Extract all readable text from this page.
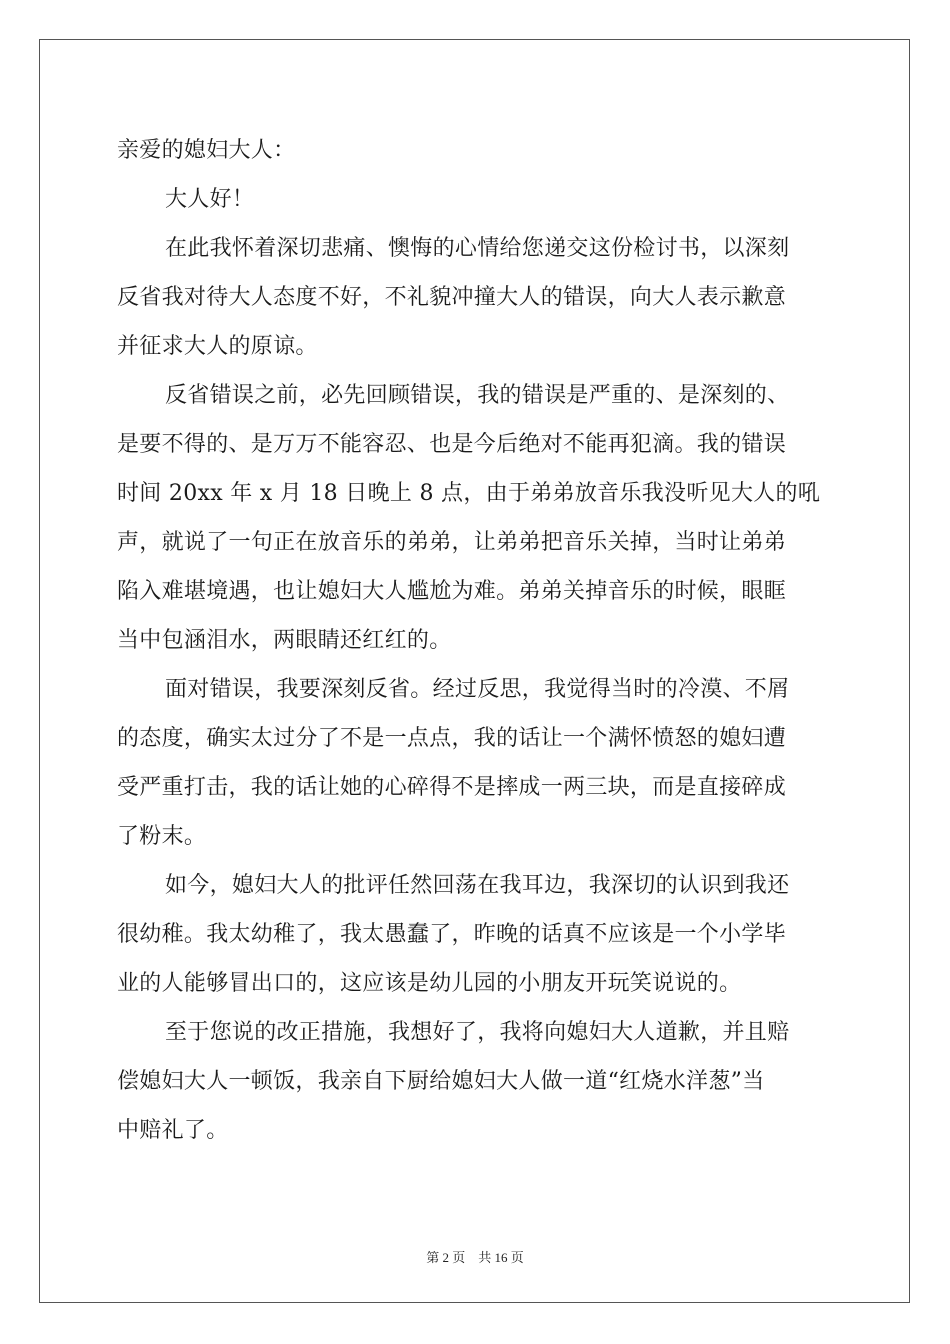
亲爱的媳妇大人：
大人好！
在此我怀着深切悲痛、懊悔的心情给您递交这份检讨书，以深刻
反省我对待大人态度不好，不礼貌冲撞大人的错误，向大人表示歉意
并征求大人的原谅。
反省错误之前，必先回顾错误，我的错误是严重的、是深刻的、
是要不得的、是万万不能容忍、也是今后绝对不能再犯滴。我的错误
时间 20xx 年 x 月 18 日晚上 8 点，由于弟弟放音乐我没听见大人的吼
声，就说了一句正在放音乐的弟弟，让弟弟把音乐关掉，当时让弟弟
陷入难堪境遇，也让媳妇大人尴尬为难。弟弟关掉音乐的时候，眼眶
当中包涵泪水，两眼睛还红红的。
面对错误，我要深刻反省。经过反思，我觉得当时的冷漠、不屑
的态度，确实太过分了不是一点点，我的话让一个满怀愤怒的媳妇遭
受严重打击，我的话让她的心碎得不是摔成一两三块，而是直接碎成
了粉末。
如今，媳妇大人的批评任然回荡在我耳边，我深切的认识到我还
很幼稚。我太幼稚了，我太愚蠢了，昨晚的话真不应该是一个小学毕
业的人能够冒出口的，这应该是幼儿园的小朋友开玩笑说说的。
至于您说的改正措施，我想好了，我将向媳妇大人道歉，并且赔
偿媳妇大人一顿饭，我亲自下厨给媳妇大人做一道“红烧水洋葱”当
中赔礼了。
第 2 页 共 16 页
